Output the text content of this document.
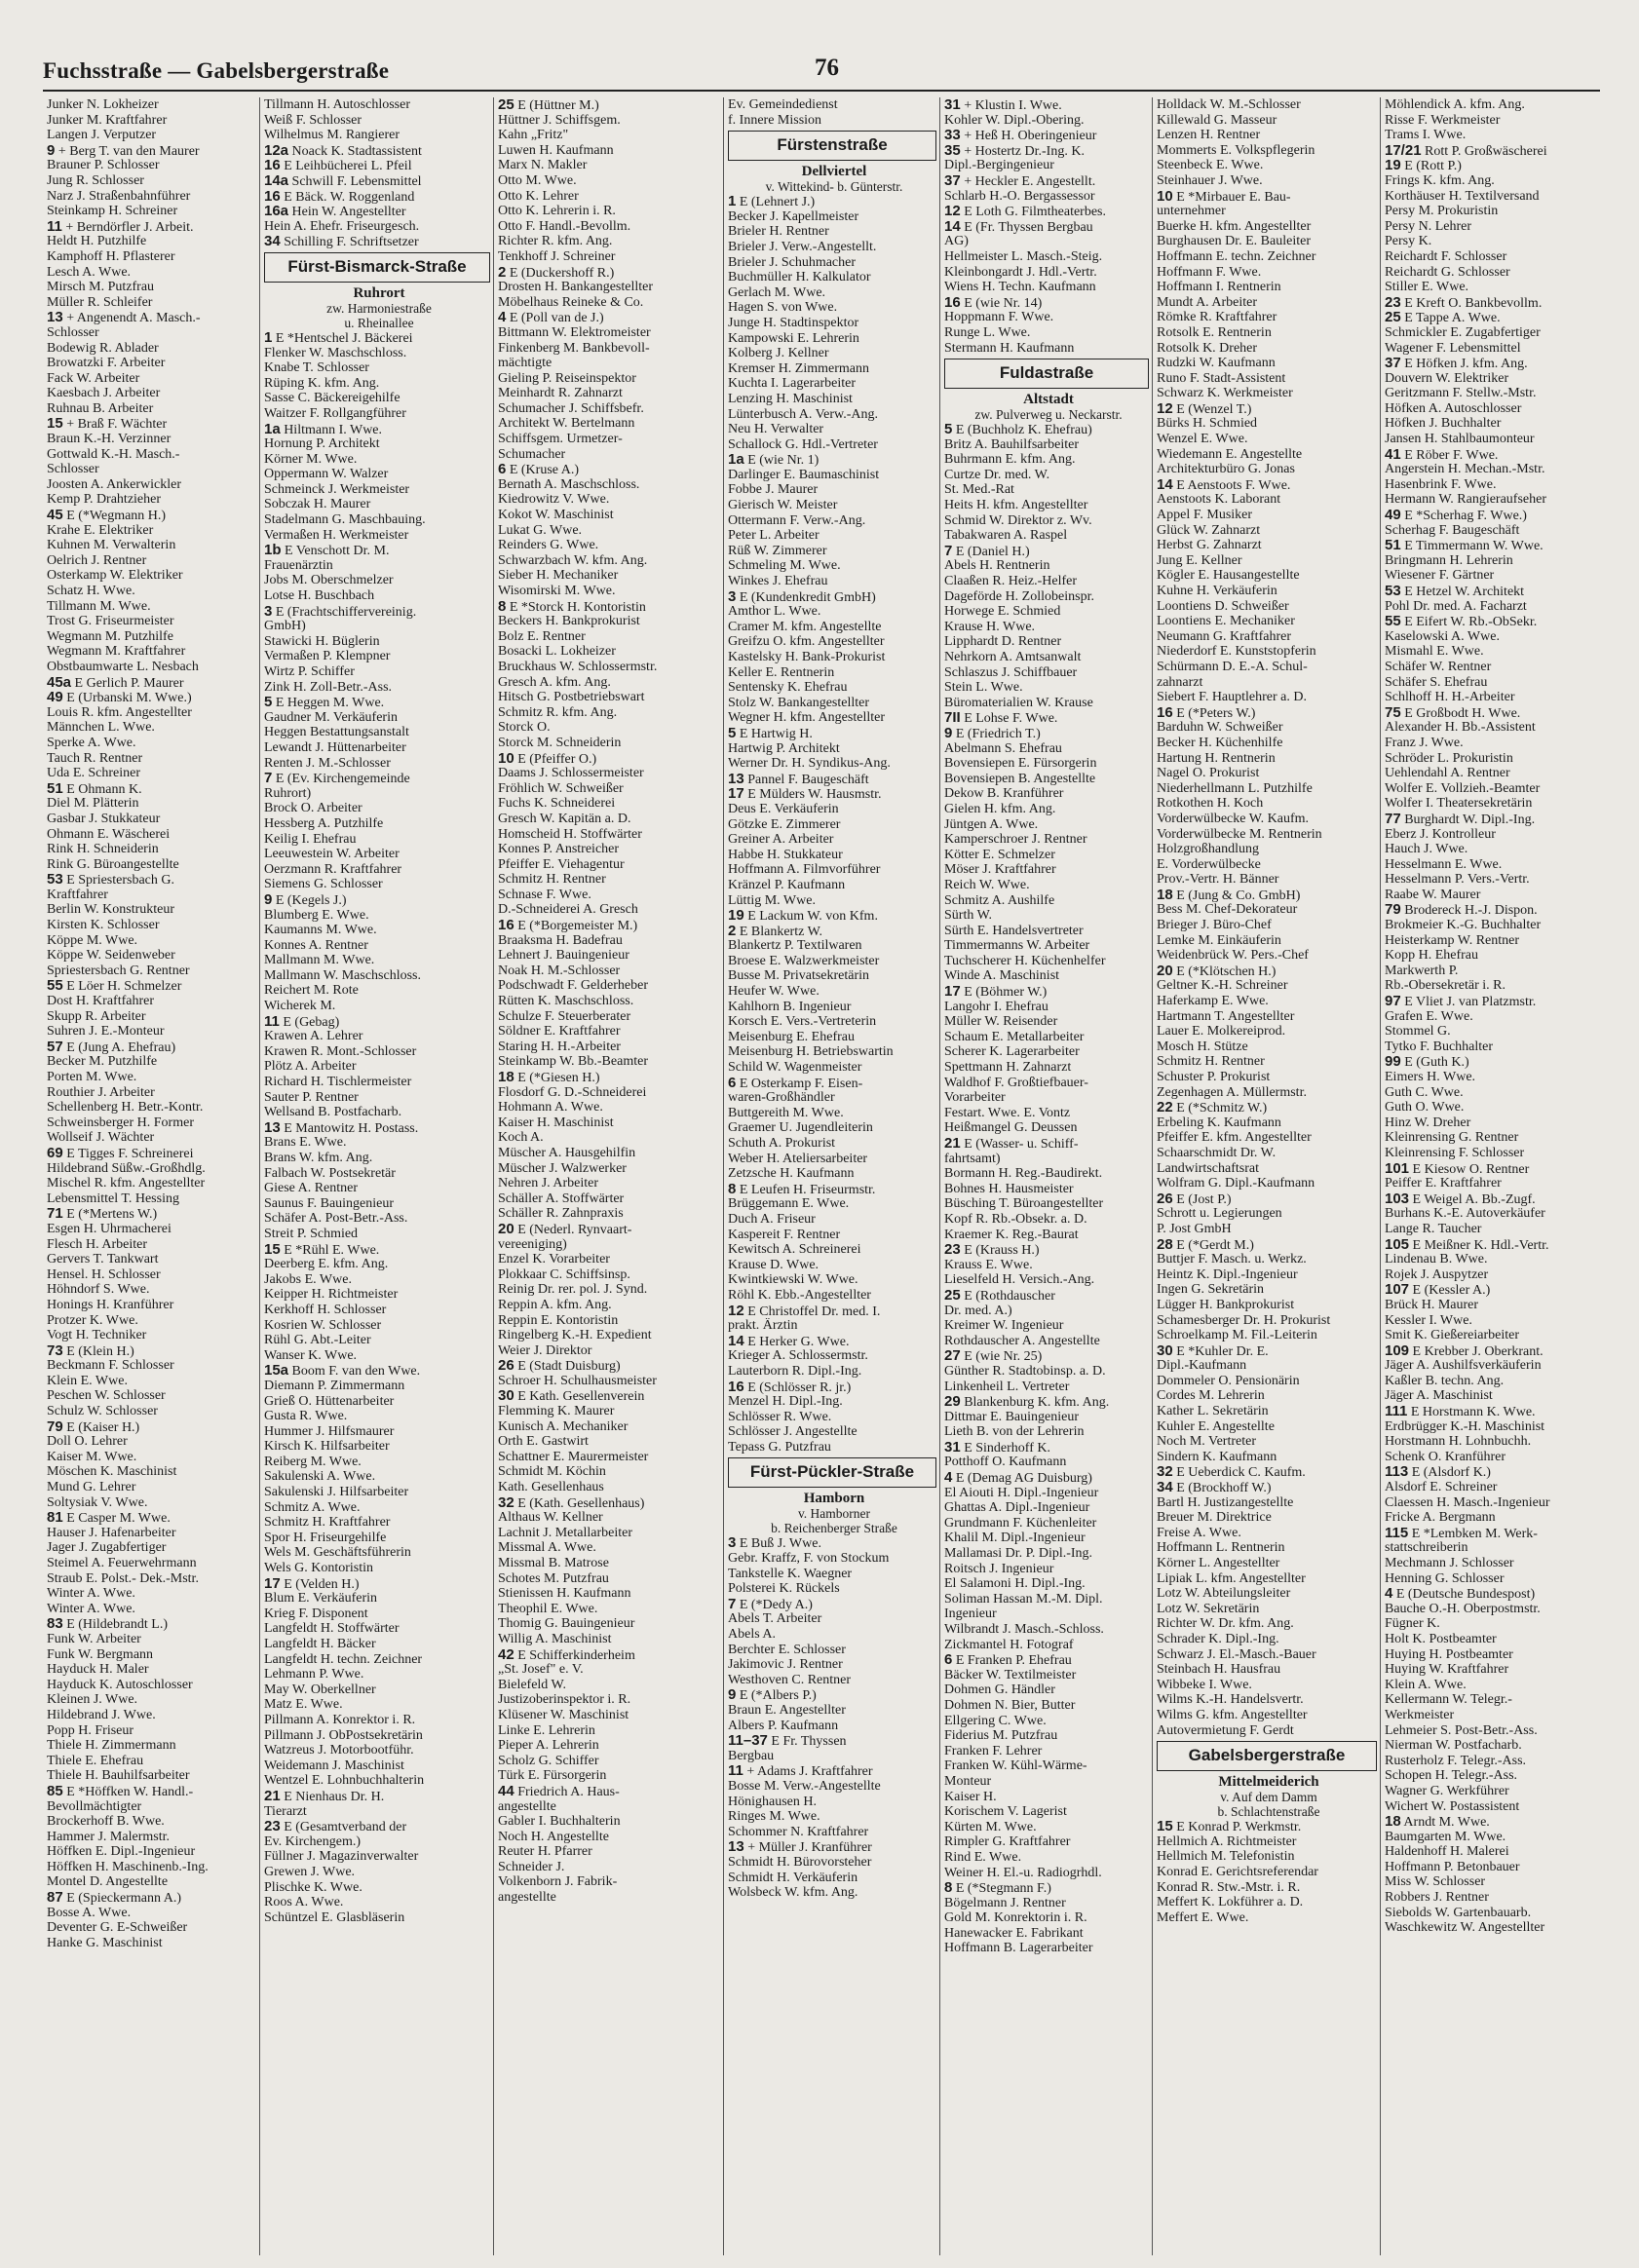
Fuchsstraße — Gabelsbergerstraße	76
Junker N. Lokheizer
Junker M. Kraftfahrer
Langen J. Verputzer
9 + Berg T. van den Maurer
Brauner P. Schlosser
Jung R. Schlosser
Narz J. Straßenbahnführer
Steinkamp H. Schreiner
11 + Berndörfler J. Arbeit.
Heldt H. Putzhilfe
Kamphoff H. Pflasterer
Lesch A. Wwe.
Mirsch M. Putzfrau
Müller R. Schleifer
13 + Angenendt A. Masch.-
Schlosser
Bodewig R. Ablader
Browatzki F. Arbeiter
Fack W. Arbeiter
Kaesbach J. Arbeiter
Ruhnau B. Arbeiter
15 + Braß F. Wächter
Braun K.-H. Verzinner
Gottwald K.-H. Masch.-
Schlosser
Joosten A. Ankerwickler
Kemp P. Drahtzieher
45 E (*Wegmann H.)
Krahe E. Elektriker
Kuhnen M. Verwalterin
Oelrich J. Rentner
Osterkamp W. Elektriker
Schatz H. Wwe.
Tillmann M. Wwe.
Trost G. Friseurmeister
Wegmann M. Putzhilfe
Wegmann M. Kraftfahrer
Obstbaumwarte L. Nesbach
45a E Gerlich P. Maurer
49 E (Urbanski M. Wwe.)
Louis R. kfm. Angestellter
Männchen L. Wwe.
Sperke A. Wwe.
Tauch R. Rentner
Uda E. Schreiner
51 E Ohmann K.
Diel M. Plätterin
Gasbar J. Stukkateur
Ohmann E. Wäscherei
Rink H. Schneiderin
Rink G. Büroangestellte
53 E Spriestersbach G.
Kraftfahrer
Berlin W. Konstrukteur
Kirsten K. Schlosser
Köppe M. Wwe.
Köppe W. Seidenweber
Spriestersbach G. Rentner
55 E Löer H. Schmelzer
Dost H. Kraftfahrer
Skupp R. Arbeiter
Suhren J. E.-Monteur
57 E (Jung A. Ehefrau)
Becker M. Putzhilfe
Porten M. Wwe.
Routhier J. Arbeiter
Schellenberg H. Betr.-Kontr.
Schweinsberger H. Former
Wollseif J. Wächter
69 E Tigges F. Schreinerei
Hildebrand Süßw.-Großhdlg.
Mischel R. kfm. Angestellter
Lebensmittel T. Hessing
71 E (*Mertens W.)
Esgen H. Uhrmacherei
Flesch H. Arbeiter
Gervers T. Tankwart
Hensel. H. Schlosser
Höhndorf S. Wwe.
Honings H. Kranführer
Protzer K. Wwe.
Vogt H. Techniker
73 E (Klein H.)
Beckmann F. Schlosser
Klein E. Wwe.
Peschen W. Schlosser
Schulz W. Schlosser
79 E (Kaiser H.)
Doll O. Lehrer
Kaiser M. Wwe.
Möschen K. Maschinist
Mund G. Lehrer
Soltysiak V. Wwe.
81 E Casper M. Wwe.
Hauser J. Hafenarbeiter
Jager J. Zugabfertiger
Steimel A. Feuerwehrmann
Straub E. Polst.- Dek.-Mstr.
Winter A. Wwe.
Winter A. Wwe.
83 E (Hildebrandt L.)
Funk W. Arbeiter
Funk W. Bergmann
Hayduck H. Maler
Hayduck K. Autoschlosser
Kleinen J. Wwe.
Hildebrand J. Wwe.
Popp H. Friseur
Thiele H. Zimmermann
Thiele E. Ehefrau
Thiele H. Bauhilfsarbeiter
85 E *Höffken W. Handl.-
Bevollmächtigter
Brockerhoff B. Wwe.
Hammer J. Malermstr.
Höffken E. Dipl.-Ingenieur
Höffken H. Maschinenb.-Ing.
Montel D. Angestellte
87 E (Spieckermann A.)
Bosse A. Wwe.
Deventer G. E-Schweißer
Hanke G. Maschinist
Tillmann H. Autoschlosser
Weiß F. Schlosser
Wilhelmus M. Rangierer
12a Noack K. Stadtassistent
16 E Leihbücherei L. Pfeil
14a Schwill F. Lebensmittel
16 E Bäck. W. Roggenland
16a Hein W. Angestellter
Hein A. Ehefr. Friseurgesch.
34 Schilling F. Schriftsetzer
Fürst-Bismarck-Straße
Ruhrort
zw. Harmoniestraße
u. Rheinallee
1 E *Hentschel J. Bäckerei
Flenker W. Maschschloss.
Knabe T. Schlosser
Rüping K. kfm. Ang.
Sasse C. Bäckereigehilfe
Waitzer F. Rollgangführer
1a Hiltmann I. Wwe.
Hornung P. Architekt
Körner M. Wwe.
Oppermann W. Walzer
Schmeinck J. Werkmeister
Sobczak H. Maurer
Stadelmann G. Maschbauing.
Vermaßen H. Werkmeister
1b E Venschott Dr. M.
Frauenärztin
Jobs M. Oberschmelzer
Lotse H. Buschbach
3 E (Frachtschiffervereinig.
GmbH)
Stawicki H. Büglerin
Vermaßen P. Klempner
Wirtz P. Schiffer
Zink H. Zoll-Betr.-Ass.
5 E Heggen M. Wwe.
Gaudner M. Verkäuferin
Heggen Bestattungsanstalt
Lewandt J. Hüttenarbeiter
Renten J. M.-Schlosser
7 E (Ev. Kirchengemeinde
Ruhrort)
Brock O. Arbeiter
Hessberg A. Putzhilfe
Keilig I. Ehefrau
Leeuwestein W. Arbeiter
Oerzmann R. Kraftfahrer
Siemens G. Schlosser
9 E (Kegels J.)
Blumberg E. Wwe.
Kaumanns M. Wwe.
Konnes A. Rentner
Mallmann M. Wwe.
Mallmann W. Maschschloss.
Reichert M. Rote
Wicherek M.
11 E (Gebag)
Krawen A. Lehrer
Krawen R. Mont.-Schlosser
Plötz A. Arbeiter
Richard H. Tischlermeister
Sauter P. Rentner
Wellsand B. Postfacharb.
13 E Mantowitz H. Postass.
Brans E. Wwe.
Brans W. kfm. Ang.
Falbach W. Postsekretär
Giese A. Rentner
Saunus F. Bauingenieur
Schäfer A. Post-Betr.-Ass.
Streit P. Schmied
15 E *Rühl E. Wwe.
Deerberg E. kfm. Ang.
Jakobs E. Wwe.
Keipper H. Richtmeister
Kerkhoff H. Schlosser
Kosrien W. Schlosser
Rühl G. Abt.-Leiter
Wanser K. Wwe.
15a Boom F. van den Wwe.
Diemann P. Zimmermann
Grieß O. Hüttenarbeiter
Gusta R. Wwe.
Hummer J. Hilfsmaurer
Kirsch K. Hilfsarbeiter
Reiberg M. Wwe.
Sakulenski A. Wwe.
Sakulenski J. Hilfsarbeiter
Schmitz A. Wwe.
Schmitz H. Kraftfahrer
Spor H. Friseurgehilfe
Wels M. Geschäftsführerin
Wels G. Kontoristin
17 E (Velden H.)
Blum E. Verkäuferin
Krieg F. Disponent
Langfeldt H. Stoffwärter
Langfeldt H. Bäcker
Langfeldt H. techn. Zeichner
Lehmann P. Wwe.
May W. Oberkellner
Matz E. Wwe.
Pillmann A. Konrektor i. R.
Pillmann J. ObPostsekretärin
Watzreus J. Motorbootführ.
Weidemann J. Maschinist
Wentzel E. Lohnbuchhalterin
21 E Nienhaus Dr. H.
Tierarzt
23 E (Gesamtverband der
Ev. Kirchengem.)
Füllner J. Magazinverwalter
Grewen J. Wwe.
Plischke K. Wwe.
Roos A. Wwe.
Schüntzel E. Glasbläserin
25 E (Hüttner M.)
Hüttner J. Schiffsgem.
Kahn „Fritz"
Luwen H. Kaufmann
Marx N. Makler
Otto M. Wwe.
Otto K. Lehrer
Otto K. Lehrerin i. R.
Otto F. Handl.-Bevollm.
Richter R. kfm. Ang.
Tenkhoff J. Schreiner
2 E (Duckershoff R.)
Drosten H. Bankangestellter
Möbelhaus Reineke & Co.
4 E (Poll van de J.)
Bittmann W. Elektromeister
Finkenberg M. Bankbevoll-
mächtigte
Gieling P. Reiseinspektor
Meinhardt R. Zahnarzt
Schumacher J. Schiffsbefr.
Architekt W. Bertelmann
Schiffsgem. Urmetzer-
Schumacher
6 E (Kruse A.)
Bernath A. Maschschloss.
Kiedrowitz V. Wwe.
Kokot W. Maschinist
Lukat G. Wwe.
Reinders G. Wwe.
Schwarzbach W. kfm. Ang.
Sieber H. Mechaniker
Wisomirski M. Wwe.
8 E *Storck H. Kontoristin
Beckers H. Bankprokurist
Bolz E. Rentner
Bosacki L. Lokheizer
Bruckhaus W. Schlossermstr.
Gresch A. kfm. Ang.
Hitsch G. Postbetriebswart
Schmitz R. kfm. Ang.
Storck O.
Storck M. Schneiderin
10 E (Pfeiffer O.)
Daams J. Schlossermeister
Fröhlich W. Schweißer
Fuchs K. Schneiderei
Gresch W. Kapitän a. D.
Homscheid H. Stoffwärter
Konnes P. Anstreicher
Pfeiffer E. Viehagentur
Schmitz H. Rentner
Schnase F. Wwe.
D.-Schneiderei A. Gresch
16 E (*Borgemeister M.)
Braaksma H. Badefrau
Lehnert J. Bauingenieur
Noak H. M.-Schlosser
Podschwadt F. Gelderheber
Rütten K. Maschschloss.
Schulze F. Steuerberater
Söldner E. Kraftfahrer
Staring H. H.-Arbeiter
Steinkamp W. Bb.-Beamter
18 E (*Giesen H.)
Flosdorf G. D.-Schneiderei
Hohmann A. Wwe.
Kaiser H. Maschinist
Koch A.
Müscher A. Hausgehilfin
Müscher J. Walzwerker
Nehren J. Arbeiter
Schäller A. Stoffwärter
Schäller R. Zahnpraxis
20 E (Nederl. Rynvaart-
vereeniging)
Enzel K. Vorarbeiter
Plokkaar C. Schiffsinsp.
Reinig Dr. rer. pol. J. Synd.
Reppin A. kfm. Ang.
Reppin E. Kontoristin
Ringelberg K.-H. Expedient
Weier J. Direktor
26 E (Stadt Duisburg)
Schroer H. Schulhausmeister
30 E Kath. Gesellenverein
Flemming K. Maurer
Kunisch A. Mechaniker
Orth E. Gastwirt
Schattner E. Maurermeister
Schmidt M. Köchin
Kath. Gesellenhaus
32 E (Kath. Gesellenhaus)
Althaus W. Kellner
Lachnit J. Metallarbeiter
Missmal A. Wwe.
Missmal B. Matrose
Schotes M. Putzfrau
Stienissen H. Kaufmann
Theophil E. Wwe.
Thomig G. Bauingenieur
Willig A. Maschinist
42 E Schifferkinderheim
„St. Josef" e. V.
Bielefeld W.
Justizoberinspektor i. R.
Klüsener W. Maschinist
Linke E. Lehrerin
Pieper A. Lehrerin
Scholz G. Schiffer
Türk E. Fürsorgerin
44 Friedrich A. Haus-
angestellte
Gabler I. Buchhalterin
Noch H. Angestellte
Reuter H. Pfarrer
Schneider J.
Volkenborn J. Fabrik-
angestellte
Ev. Gemeindedienst
f. Innere Mission
Fürstenstraße
Dellviertel
v. Wittekind- b. Günterstr.
1 E (Lehnert J.)
Becker J. Kapellmeister
Brieler H. Rentner
Brieler J. Verw.-Angestellt.
Brieler J. Schuhmacher
Buchmüller H. Kalkulator
Gerlach M. Wwe.
Hagen S. von Wwe.
Junge H. Stadtinspektor
Kampowski E. Lehrerin
Kolberg J. Kellner
Kremser H. Zimmermann
Kuchta I. Lagerarbeiter
Lenzing H. Maschinist
Lünterbusch A. Verw.-Ang.
Neu H. Verwalter
Schallock G. Hdl.-Vertreter
1a E (wie Nr. 1)
Darlinger E. Baumaschinist
Fobbe J. Maurer
Gierisch W. Meister
Ottermann F. Verw.-Ang.
Peter L. Arbeiter
Rüß W. Zimmerer
Schmeling M. Wwe.
Winkes J. Ehefrau
3 E (Kundenkredit GmbH)
Amthor L. Wwe.
Cramer M. kfm. Angestellte
Greifzu O. kfm. Angestellter
Kastelsky H. Bank-Prokurist
Keller E. Rentnerin
Sentensky K. Ehefrau
Stolz W. Bankangestellter
Wegner H. kfm. Angestellter
5 E Hartwig H.
Hartwig P. Architekt
Werner Dr. H. Syndikus-Ang.
13 Pannel F. Baugeschäft
17 E Mülders W. Hausmstr.
Deus E. Verkäuferin
Götzke E. Zimmerer
Greiner A. Arbeiter
Habbe H. Stukkateur
Hoffmann A. Filmvorführer
Kränzel P. Kaufmann
Lüttig M. Wwe.
19 E Lackum W. von Kfm.
2 E Blankertz W.
Blankertz P. Textilwaren
Broese E. Walzwerkmeister
Busse M. Privatsekretärin
Heufer W. Wwe.
Kahlhorn B. Ingenieur
Korsch E. Vers.-Vertreterin
Meisenburg E. Ehefrau
Meisenburg H. Betriebswartin
Schild W. Wagenmeister
6 E Osterkamp F. Eisen-
waren-Großhändler
Buttgereith M. Wwe.
Graemer U. Jugendleiterin
Schuth A. Prokurist
Weber H. Ateliersarbeiter
Zetzsche H. Kaufmann
8 E Leufen H. Friseurmstr.
Brüggemann E. Wwe.
Duch A. Friseur
Kaspereit F. Rentner
Kewitsch A. Schreinerei
Krause D. Wwe.
Kwintkiewski W. Wwe.
Röhl K. Ebb.-Angestellter
12 E Christoffel Dr. med. I.
prakt. Ärztin
14 E Herker G. Wwe.
Krieger A. Schlossermstr.
Lauterborn R. Dipl.-Ing.
16 E (Schlösser R. jr.)
Menzel H. Dipl.-Ing.
Schlösser R. Wwe.
Schlösser J. Angestellte
Tepass G. Putzfrau
Fürst-Pückler-Straße
Hamborn
v. Hamborner
b. Reichenberger Straße
3 E Buß J. Wwe.
Gebr. Kraffz, F. von Stockum
Tankstelle K. Waegner
Polsterei K. Rückels
7 E (*Dedy A.)
Abels T. Arbeiter
Abels A.
Berchter E. Schlosser
Jakimovic J. Rentner
Westhoven C. Rentner
9 E (*Albers P.)
Braun E. Angestellter
Albers P. Kaufmann
11–37 E Fr. Thyssen
Bergbau
11 + Adams J. Kraftfahrer
Bosse M. Verw.-Angestellte
Hönighausen H.
Ringes M. Wwe.
Schommer N. Kraftfahrer
13 + Müller J. Kranführer
Schmidt H. Bürovorsteher
Schmidt H. Verkäuferin
Wolsbeck W. kfm. Ang.
31 + Klustin I. Wwe.
Kohler W. Dipl.-Obering.
33 + Heß H. Oberingenieur
35 + Hostertz Dr.-Ing. K.
Dipl.-Bergingenieur
37 + Heckler E. Angestellt.
Schlarb H.-O. Bergassessor
12 E Loth G. Filmtheaterbes.
14 E (Fr. Thyssen Bergbau
AG)
Hellmeister L. Masch.-Steig.
Kleinbongardt J. Hdl.-Vertr.
Wiens H. Techn. Kaufmann
16 E (wie Nr. 14)
Hoppmann F. Wwe.
Runge L. Wwe.
Stermann H. Kaufmann
Fuldastraße
Altstadt
zw. Pulverweg u. Neckarstr.
5 E (Buchholz K. Ehefrau)
Britz A. Bauhilfsarbeiter
Buhrmann E. kfm. Ang.
Curtze Dr. med. W.
St. Med.-Rat
Heits H. kfm. Angestellter
Schmid W. Direktor z. Wv.
Tabakwaren A. Raspel
7 E (Daniel H.)
Abels H. Rentnerin
Claaßen R. Heiz.-Helfer
Dageförde H. Zollobeinspr.
Horwege E. Schmied
Krause H. Wwe.
Lipphardt D. Rentner
Nehrkorn A. Amtsanwalt
Schlaszus J. Schiffbauer
Stein L. Wwe.
Büromaterialien W. Krause
7II E Lohse F. Wwe.
9 E (Friedrich T.)
Abelmann S. Ehefrau
Bovensiepen E. Fürsorgerin
Bovensiepen B. Angestellte
Dekow B. Kranführer
Gielen H. kfm. Ang.
Jüntgen A. Wwe.
Kamperschroer J. Rentner
Kötter E. Schmelzer
Möser J. Kraftfahrer
Reich W. Wwe.
Schmitz A. Aushilfe
Sürth W.
Sürth E. Handelsvertreter
Timmermanns W. Arbeiter
Tuchscherer H. Küchenhelfer
Winde A. Maschinist
17 E (Böhmer W.)
Langohr I. Ehefrau
Müller W. Reisender
Schaum E. Metallarbeiter
Scherer K. Lagerarbeiter
Spettmann H. Zahnarzt
Waldhof F. Großtiefbauer-
Vorarbeiter
Festart. Wwe. E. Vontz
Heißmangel G. Deussen
21 E (Wasser- u. Schiff-
fahrtsamt)
Bormann H. Reg.-Baudirekt.
Bohnes H. Hausmeister
Büsching T. Büroangestellter
Kopf R. Rb.-Obsekr. a. D.
Kraemer K. Reg.-Baurat
23 E (Krauss H.)
Krauss E. Wwe.
Lieselfeld H. Versich.-Ang.
25 E (Rothdauscher
Dr. med. A.)
Kreimer W. Ingenieur
Rothdauscher A. Angestellte
27 E (wie Nr. 25)
Günther R. Stadtobinsp. a. D.
Linkenheil L. Vertreter
29 Blankenburg K. kfm. Ang.
Dittmar E. Bauingenieur
Lieth B. von der Lehrerin
31 E Sinderhoff K.
Potthoff O. Kaufmann
4 E (Demag AG Duisburg)
El Aiouti H. Dipl.-Ingenieur
Ghattas A. Dipl.-Ingenieur
Grundmann F. Küchenleiter
Khalil M. Dipl.-Ingenieur
Mallamasi Dr. P. Dipl.-Ing.
Roitsch J. Ingenieur
El Salamoni H. Dipl.-Ing.
Soliman Hassan M.-M. Dipl.
Ingenieur
Wilbrandt J. Masch.-Schloss.
Zickmantel H. Fotograf
6 E Franken P. Ehefrau
Bäcker W. Textilmeister
Dohmen G. Händler
Dohmen N. Bier, Butter
Ellgering C. Wwe.
Fiderius M. Putzfrau
Franken F. Lehrer
Franken W. Kühl-Wärme-
Monteur
Kaiser H.
Korischem V. Lagerist
Kürten M. Wwe.
Rimpler G. Kraftfahrer
Rind E. Wwe.
Weiner H. El.-u. Radiogrhdl.
8 E (*Stegmann F.)
Bögelmann J. Rentner
Gold M. Konrektorin i. R.
Hanewacker E. Fabrikant
Hoffmann B. Lagerarbeiter
Holldack W. M.-Schlosser
Killewald G. Masseur
Lenzen H. Rentner
Mommerts E. Volkspflegerin
Steenbeck E. Wwe.
Steinhauer J. Wwe.
10 E *Mirbauer E. Bau-
unternehmer
Buerke H. kfm. Angestellter
Burghausen Dr. E. Bauleiter
Hoffmann E. techn. Zeichner
Hoffmann F. Wwe.
Hoffmann I. Rentnerin
Mundt A. Arbeiter
Römke R. Kraftfahrer
Rotsolk E. Rentnerin
Rotsolk K. Dreher
Rudzki W. Kaufmann
Runo F. Stadt-Assistent
Schwarz K. Werkmeister
12 E (Wenzel T.)
Bürks H. Schmied
Wenzel E. Wwe.
Wiedemann E. Angestellte
Architekturbüro G. Jonas
14 E Aenstoots F. Wwe.
Aenstoots K. Laborant
Appel F. Musiker
Glück W. Zahnarzt
Herbst G. Zahnarzt
Jung E. Kellner
Kögler E. Hausangestellte
Kuhne H. Verkäuferin
Loontiens D. Schweißer
Loontiens E. Mechaniker
Neumann G. Kraftfahrer
Niederdorf E. Kunststopferin
Schürmann D. E.-A. Schul-
zahnarzt
Siebert F. Hauptlehrer a. D.
16 E (*Peters W.)
Barduhn W. Schweißer
Becker H. Küchenhilfe
Hartung H. Rentnerin
Nagel O. Prokurist
Niederhellmann L. Putzhilfe
Rotkothen H. Koch
Vorderwülbecke W. Kaufm.
Vorderwülbecke M. Rentnerin
Holzgroßhandlung
E. Vorderwülbecke
Prov.-Vertr. H. Bänner
18 E (Jung & Co. GmbH)
Bess M. Chef-Dekorateur
Brieger J. Büro-Chef
Lemke M. Einkäuferin
Weidenbrück W. Pers.-Chef
20 E (*Klötschen H.)
Geltner K.-H. Schreiner
Haferkamp E. Wwe.
Hartmann T. Angestellter
Lauer E. Molkereiprod.
Mosch H. Stütze
Schmitz H. Rentner
Schuster P. Prokurist
Zegenhagen A. Müllermstr.
22 E (*Schmitz W.)
Erbeling K. Kaufmann
Pfeiffer E. kfm. Angestellter
Schaarschmidt Dr. W.
Landwirtschaftsrat
Wolfram G. Dipl.-Kaufmann
26 E (Jost P.)
Schrott u. Legierungen
P. Jost GmbH
28 E (*Gerdt M.)
Buttjer F. Masch. u. Werkz.
Heintz K. Dipl.-Ingenieur
Ingen G. Sekretärin
Lügger H. Bankprokurist
Schamesberger Dr. H. Prokurist
Schroelkamp M. Fil.-Leiterin
30 E *Kuhler Dr. E.
Dipl.-Kaufmann
Dommeler O. Pensionärin
Cordes M. Lehrerin
Kather L. Sekretärin
Kuhler E. Angestellte
Noch M. Vertreter
Sindern K. Kaufmann
32 E Ueberdick C. Kaufm.
34 E (Brockhoff W.)
Bartl H. Justizangestellte
Breuer M. Direktrice
Freise A. Wwe.
Hoffmann L. Rentnerin
Körner L. Angestellter
Lipiak L. kfm. Angestellter
Lotz W. Abteilungsleiter
Lotz W. Sekretärin
Richter W. Dr. kfm. Ang.
Schrader K. Dipl.-Ing.
Schwarz J. El.-Masch.-Bauer
Steinbach H. Hausfrau
Wibbeke I. Wwe.
Wilms K.-H. Handelsvertr.
Wilms G. kfm. Angestellter
Autovermietung F. Gerdt
Gabelsbergerstraße
Mittelmeiderich
v. Auf dem Damm
b. Schlachtenstraße
15 E Konrad P. Werkmstr.
Hellmich A. Richtmeister
Hellmich M. Telefonistin
Konrad E. Gerichtsreferendar
Konrad R. Stw.-Mstr. i. R.
Meffert K. Lokführer a. D.
Meffert E. Wwe.
Möhlendick A. kfm. Ang.
Risse F. Werkmeister
Trams I. Wwe.
17/21 Rott P. Großwäscherei
19 E (Rott P.)
Frings K. kfm. Ang.
Korthäuser H. Textilversand
Persy M. Prokuristin
Persy N. Lehrer
Persy K.
Reichardt F. Schlosser
Reichardt G. Schlosser
Stiller E. Wwe.
23 E Kreft O. Bankbevollm.
25 E Tappe A. Wwe.
Schmickler E. Zugabfertiger
Wagener F. Lebensmittel
37 E Höfken J. kfm. Ang.
Douvern W. Elektriker
Geritzmann F. Stellw.-Mstr.
Höfken A. Autoschlosser
Höfken J. Buchhalter
Jansen H. Stahlbaumonteur
41 E Röber F. Wwe.
Angerstein H. Mechan.-Mstr.
Hasenbrink F. Wwe.
Hermann W. Rangieraufseher
49 E *Scherhag F. Wwe.)
Scherhag F. Baugeschäft
51 E Timmermann W. Wwe.
Bringmann H. Lehrerin
Wiesener F. Gärtner
53 E Hetzel W. Architekt
Pohl Dr. med. A. Facharzt
55 E Eifert W. Rb.-ObSekr.
Kaselowski A. Wwe.
Mismahl E. Wwe.
Schäfer W. Rentner
Schäfer S. Ehefrau
Schlhoff H. H.-Arbeiter
75 E Großbodt H. Wwe.
Alexander H. Bb.-Assistent
Franz J. Wwe.
Schröder L. Prokuristin
Uehlendahl A. Rentner
Wolfer E. Vollzieh.-Beamter
Wolfer I. Theatersekretärin
77 Burghardt W. Dipl.-Ing.
Eberz J. Kontrolleur
Hauch J. Wwe.
Hesselmann E. Wwe.
Hesselmann P. Vers.-Vertr.
Raabe W. Maurer
79 Brodereck H.-J. Dispon.
Brokmeier K.-G. Buchhalter
Heisterkamp W. Rentner
Kopp H. Ehefrau
Markwerth P.
Rb.-Obersekretär i. R.
97 E Vliet J. van Platzmstr.
Grafen E. Wwe.
Stommel G.
Tytko F. Buchhalter
99 E (Guth K.)
Eimers H. Wwe.
Guth C. Wwe.
Guth O. Wwe.
Hinz W. Dreher
Kleinrensing G. Rentner
Kleinrensing F. Schlosser
101 E Kiesow O. Rentner
Peiffer E. Kraftfahrer
103 E Weigel A. Bb.-Zugf.
Burhans K.-E. Autoverkäufer
Lange R. Taucher
105 E Meißner K. Hdl.-Vertr.
Lindenau B. Wwe.
Rojek J. Auspytzer
107 E (Kessler A.)
Brück H. Maurer
Kessler I. Wwe.
Smit K. Gießereiarbeiter
109 E Krebber J. Oberkrant.
Jäger A. Aushilfsverkäuferin
Kaßler B. techn. Ang.
Jäger A. Maschinist
111 E Horstmann K. Wwe.
Erdbrügger K.-H. Maschinist
Horstmann H. Lohnbuchh.
Schenk O. Kranführer
113 E (Alsdorf K.)
Alsdorf E. Schreiner
Claessen H. Masch.-Ingenieur
Fricke A. Bergmann
115 E *Lembken M. Werk-
stattschreiberin
Mechmann J. Schlosser
Henning G. Schlosser
4 E (Deutsche Bundespost)
Bauche O.-H. Oberpostmstr.
Fügner K.
Holt K. Postbeamter
Huying H. Postbeamter
Huying W. Kraftfahrer
Klein A. Wwe.
Kellermann W. Telegr.-
Werkmeister
Lehmeier S. Post-Betr.-Ass.
Nierman W. Postfacharb.
Rusterholz F. Telegr.-Ass.
Schopen H. Telegr.-Ass.
Wagner G. Werkführer
Wichert W. Postassistent
18 Arndt M. Wwe.
Baumgarten M. Wwe.
Haldenhoff H. Malerei
Hoffmann P. Betonbauer
Miss W. Schlosser
Robbers J. Rentner
Siebolds W. Gartenbauarb.
Waschkewitz W. Angestellter
